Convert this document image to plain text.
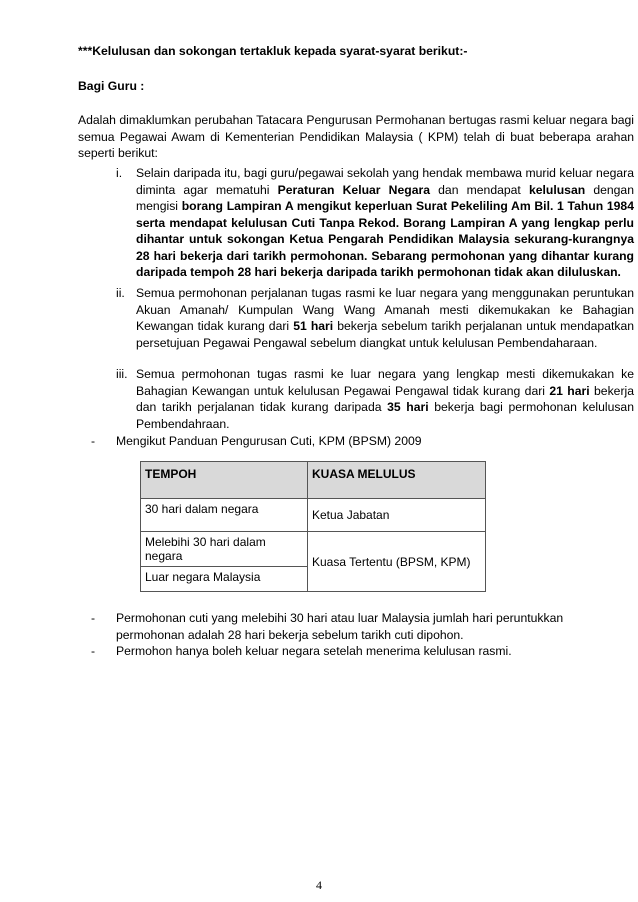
***Kelulusan dan sokongan tertakluk kepada syarat-syarat berikut:-
Bagi Guru :
Adalah dimaklumkan perubahan Tatacara Pengurusan Permohanan bertugas rasmi keluar negara bagi semua Pegawai Awam di Kementerian Pendidikan Malaysia ( KPM) telah di buat beberapa arahan seperti berikut:
i. Selain daripada itu, bagi guru/pegawai sekolah yang hendak membawa murid keluar negara diminta agar mematuhi Peraturan Keluar Negara dan mendapat kelulusan dengan mengisi borang Lampiran A mengikut keperluan Surat Pekeliling Am Bil. 1 Tahun 1984 serta mendapat kelulusan Cuti Tanpa Rekod. Borang Lampiran A yang lengkap perlu dihantar untuk sokongan Ketua Pengarah Pendidikan Malaysia sekurang-kurangnya 28 hari bekerja dari tarikh permohonan. Sebarang permohonan yang dihantar kurang daripada tempoh 28 hari bekerja daripada tarikh permohonan tidak akan diluluskan.
ii. Semua permohonan perjalanan tugas rasmi ke luar negara yang menggunakan peruntukan Akuan Amanah/ Kumpulan Wang Wang Amanah mesti dikemukakan ke Bahagian Kewangan tidak kurang dari 51 hari bekerja sebelum tarikh perjalanan untuk mendapatkan persetujuan Pegawai Pengawal sebelum diangkat untuk kelulusan Pembendaharaan.
iii. Semua permohonan tugas rasmi ke luar negara yang lengkap mesti dikemukakan ke Bahagian Kewangan untuk kelulusan Pegawai Pengawal tidak kurang dari 21 hari bekerja dan tarikh perjalanan tidak kurang daripada 35 hari bekerja bagi permohonan kelulusan Pembendahraan.
- Mengikut Panduan Pengurusan Cuti, KPM (BPSM) 2009
TEMPOH	KUASA MELULUS
30 hari dalam negara	Ketua Jabatan
Melebihi 30 hari dalam negara	Kuasa Tertentu (BPSM, KPM)
Luar negara Malaysia	
- Permohonan cuti yang melebihi 30 hari atau luar Malaysia jumlah hari peruntukkan permohonan adalah 28 hari bekerja sebelum tarikh cuti dipohon.
- Permohon hanya boleh keluar negara setelah menerima kelulusan rasmi.
4
